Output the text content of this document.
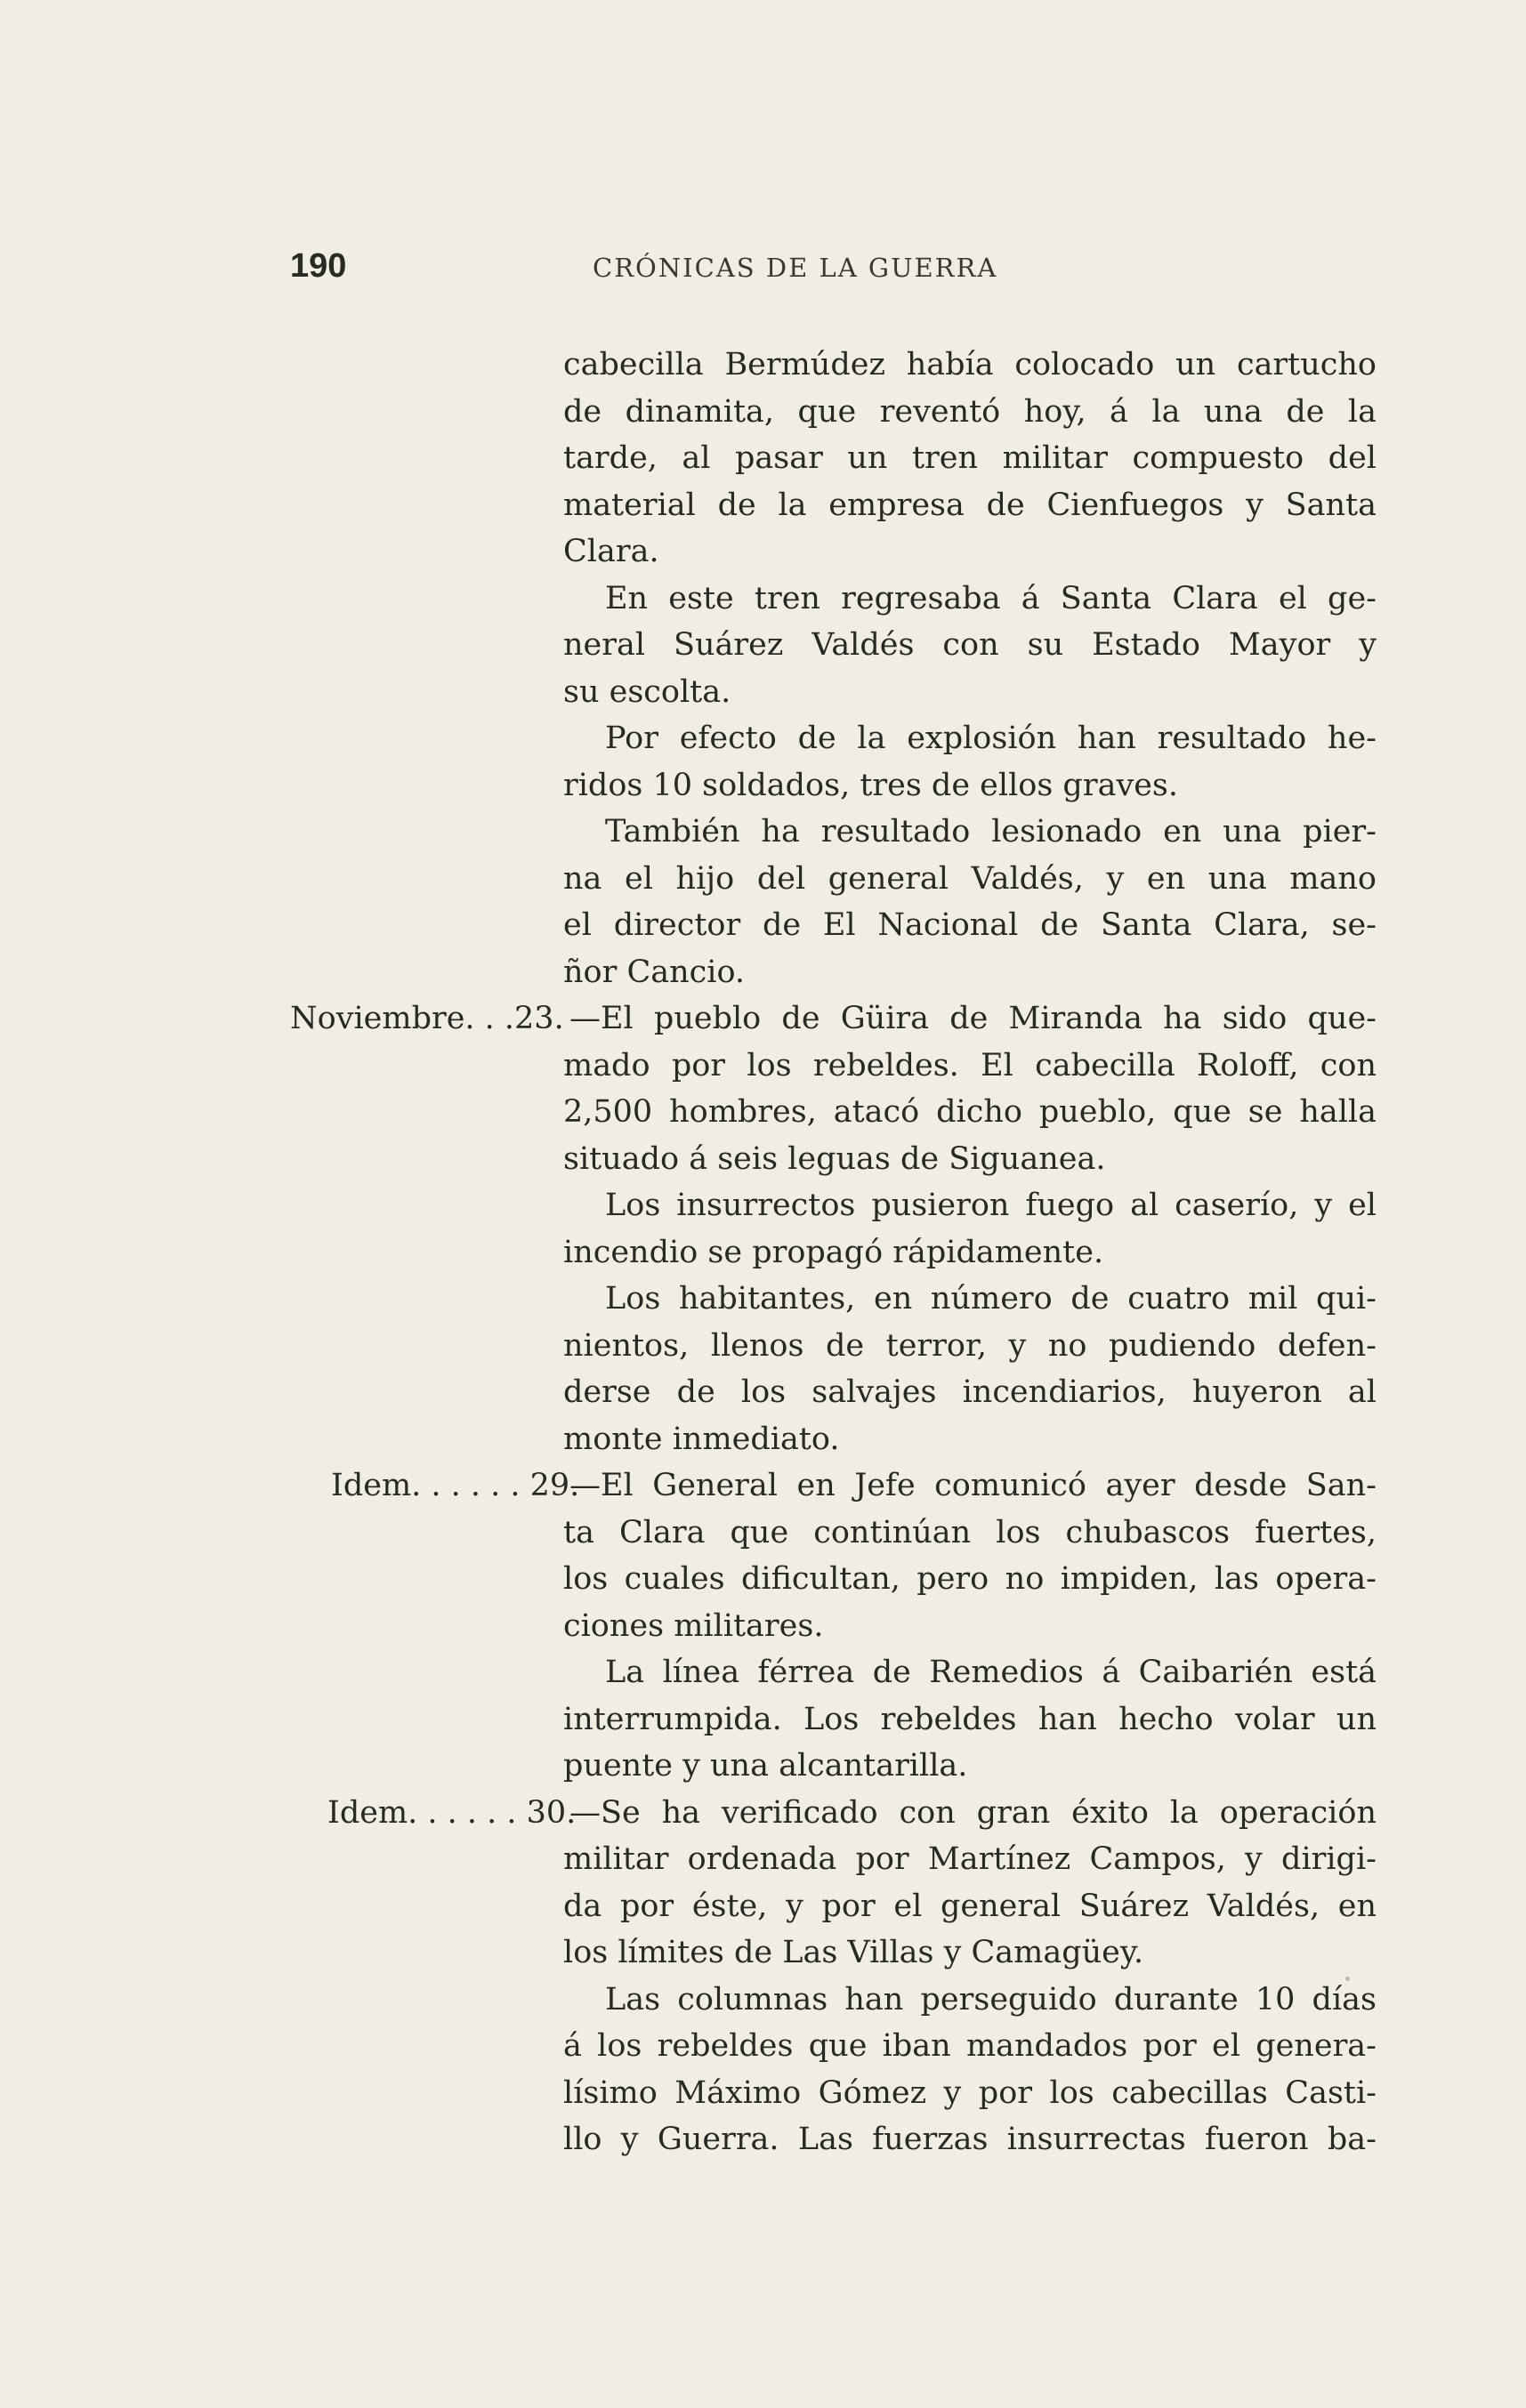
190	CRÓNICAS DE LA GUERRA
cabecilla Bermúdez había colocado un cartucho
de dinamita, que reventó hoy, á la una de la
tarde, al pasar un tren militar compuesto del
material de la empresa de Cienfuegos y Santa
Clara.
En este tren regresaba á Santa Clara el ge-
neral Suárez Valdés con su Estado Mayor y
su escolta.
Por efecto de la explosión han resultado he-
ridos 10 soldados, tres de ellos graves.
También ha resultado lesionado en una pier-
na el hijo del general Valdés, y en una mano
el director de El Nacional de Santa Clara, se-
ñor Cancio.
Noviembre. . .23. —El pueblo de Güira de Miranda ha sido que-
mado por los rebeldes. El cabecilla Roloff, con
2,500 hombres, atacó dicho pueblo, que se halla
situado á seis leguas de Siguanea.
Los insurrectos pusieron fuego al caserío, y el
incendio se propagó rápidamente.
Los habitantes, en número de cuatro mil qui-
nientos, llenos de terror, y no pudiendo defen-
derse de los salvajes incendiarios, huyeron al
monte inmediato.
Idem. . . . . . 29.
—El General en Jefe comunicó ayer desde San-
ta Clara que continúan los chubascos fuertes,
los cuales dificultan, pero no impiden, las opera-
ciones militares.
La línea férrea de Remedios á Caibarién está
interrumpida. Los rebeldes han hecho volar un
puente y una alcantarilla.
Idem. . . . . . 30.
—Se ha verificado con gran éxito la operación
militar ordenada por Martínez Campos, y dirigi-
da por éste, y por el general Suárez Valdés, en
los límites de Las Villas y Camagüey.
Las columnas han perseguido durante 10 días
á los rebeldes que iban mandados por el genera-
lísimo Máximo Gómez y por los cabecillas Casti-
llo y Guerra. Las fuerzas insurrectas fueron ba-
